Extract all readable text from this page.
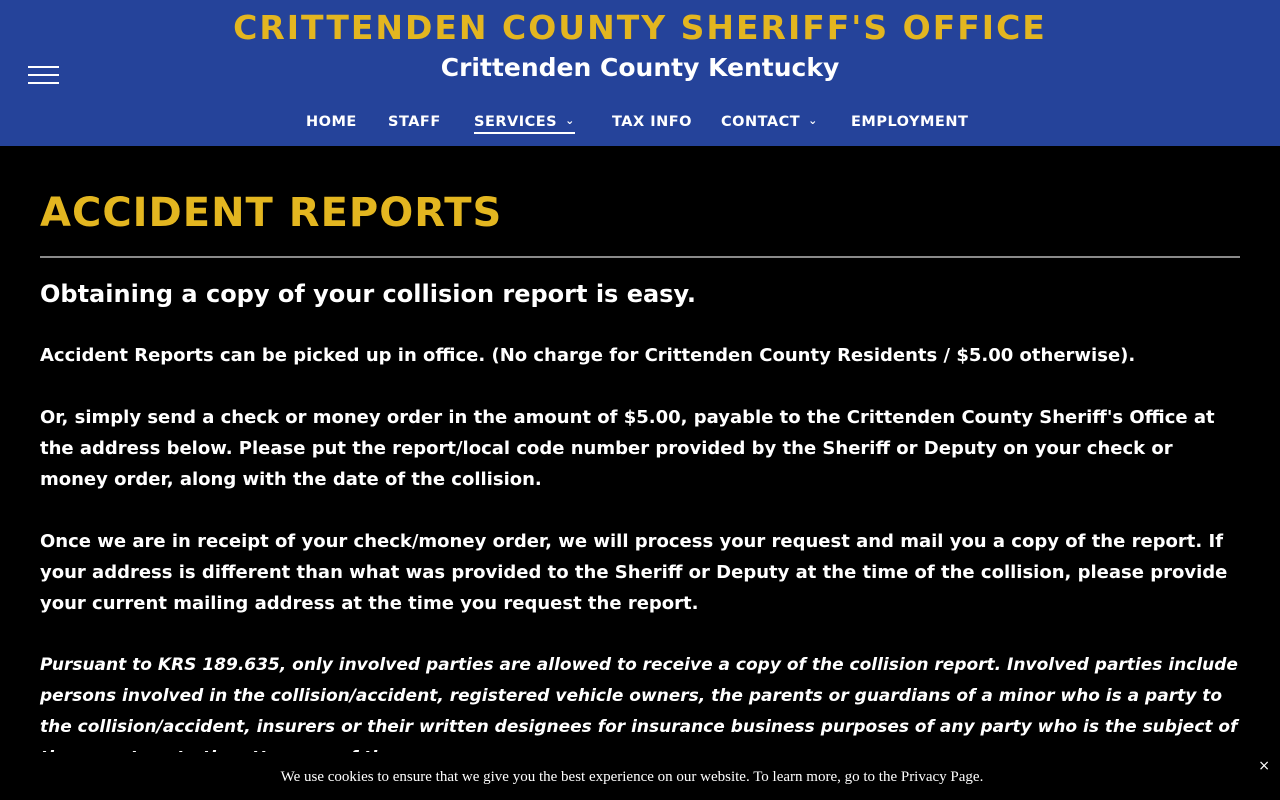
CRITTENDEN COUNTY SHERIFF'S OFFICE
Crittenden County Kentucky
HOME STAFF SERVICES ⌄	TAX INFO CONTACT ⌄ EMPLOYMENT
ACCIDENT REPORTS
Obtaining a copy of your collision report is easy.
Accident Reports can be picked up in office. (No charge for Crittenden County Residents / $5.00 otherwise).
Or, simply send a check or money order in the amount of $5.00, payable to the Crittenden County Sheriff's Office at the address below. Please put the report/local code number provided by the Sheriff or Deputy on your check or money order, along with the date of the collision.
Once we are in receipt of your check/money order, we will process your request and mail you a copy of the report. If your address is different than what was provided to the Sheriff or Deputy at the time of the collision, please provide your current mailing address at the time you request the report.
Pursuant to KRS 189.635, only involved parties are allowed to receive a copy of the collision report. Involved parties include persons involved in the collision/accident, registered vehicle owners, the parents or guardians of a minor who is a party to the collision/accident, insurers or their written designees for insurance business purposes of any party who is the subject of
We use cookies to ensure that we give you the best experience on our website. To learn more, go to the Privacy Page.
×
